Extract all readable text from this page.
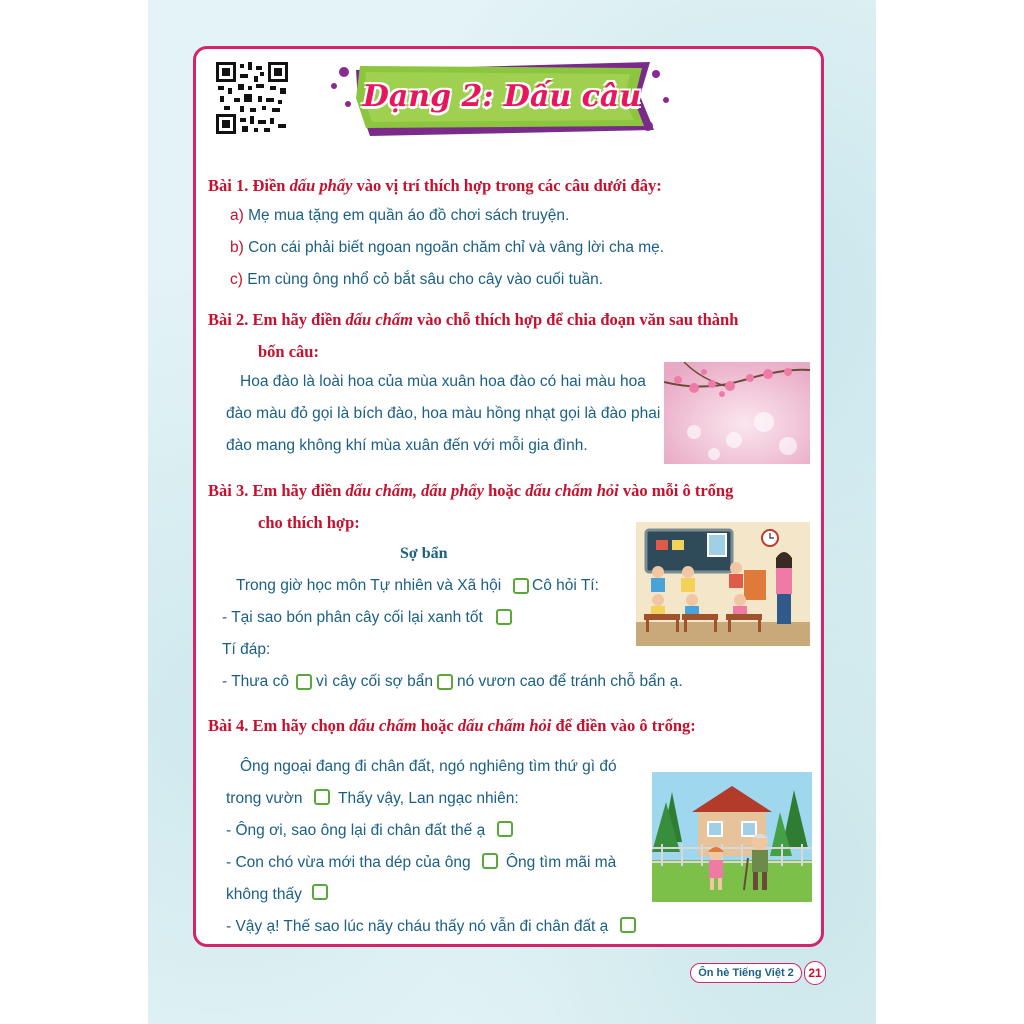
Dạng 2: Dấu câu
Bài 1. Điền dấu phẩy vào vị trí thích hợp trong các câu dưới đây:
a) Mẹ mua tặng em quần áo đồ chơi sách truyện.
b) Con cái phải biết ngoan ngoãn chăm chỉ và vâng lời cha mẹ.
c) Em cùng ông nhổ cỏ bắt sâu cho cây vào cuối tuần.
Bài 2. Em hãy điền dấu chấm vào chỗ thích hợp để chia đoạn văn sau thành
bốn câu:
Hoa đào là loài hoa của mùa xuân hoa đào có hai màu hoa
đào màu đỏ gọi là bích đào, hoa màu hồng nhạt gọi là đào phai
đào mang không khí mùa xuân đến với mỗi gia đình.
Bài 3. Em hãy điền dấu chấm, dấu phẩy hoặc dấu chấm hỏi vào mỗi ô trống
cho thích hợp:
Sợ bẩn
Trong giờ học môn Tự nhiên và Xã hội Cô hỏi Tí:
- Tại sao bón phân cây cối lại xanh tốt
Tí đáp:
- Thưa cô vì cây cối sợ bẩn nó vươn cao để tránh chỗ bẩn ạ.
Bài 4. Em hãy chọn dấu chấm hoặc dấu chấm hỏi để điền vào ô trống:
Ông ngoại đang đi chân đất, ngó nghiêng tìm thứ gì đó
trong vườn Thấy vậy, Lan ngạc nhiên:
- Ông ơi, sao ông lại đi chân đất thế ạ
- Con chó vừa mới tha dép của ông Ông tìm mãi mà
không thấy
- Vậy ạ! Thế sao lúc nãy cháu thấy nó vẫn đi chân đất ạ
Ôn hè Tiếng Việt 2	21
